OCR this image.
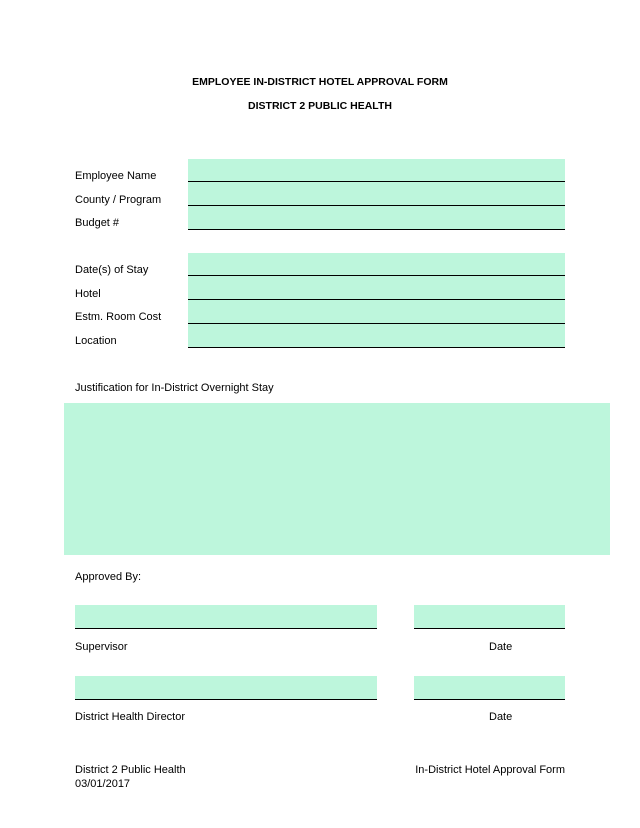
EMPLOYEE IN-DISTRICT HOTEL APPROVAL FORM
DISTRICT 2 PUBLIC HEALTH
Employee Name
County / Program
Budget #
Date(s) of Stay
Hotel
Estm. Room Cost
Location
Justification for In-District Overnight Stay
Approved By:
Supervisor	Date
District Health Director	Date
District 2 Public Health
03/01/2017
In-District Hotel Approval Form
